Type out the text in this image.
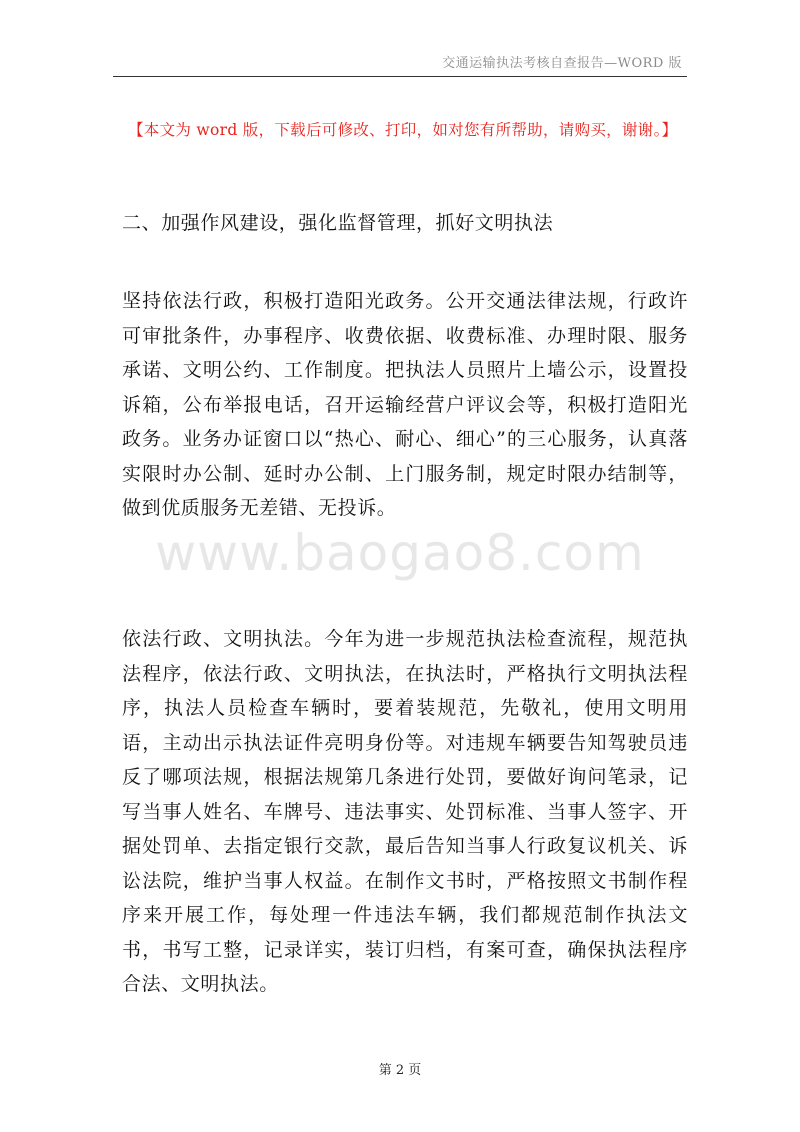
交通运输执法考核自查报告—WORD 版
【本文为 word 版，下载后可修改、打印，如对您有所帮助，请购买，谢谢。】

二、加强作风建设，强化监督管理，抓好文明执法

坚持依法行政，积极打造阳光政务。公开交通法律法规，行政许可审批条件，办事程序、收费依据、收费标准、办理时限、服务承诺、文明公约、工作制度。把执法人员照片上墙公示，设置投诉箱，公布举报电话，召开运输经营户评议会等，积极打造阳光政务。业务办证窗口以“热心、耐心、细心”的三心服务，认真落实限时办公制、延时办公制、上门服务制，规定时限办结制等，做到优质服务无差错、无投诉。

www.baogao8.com

依法行政、文明执法。今年为进一步规范执法检查流程，规范执法程序，依法行政、文明执法，在执法时，严格执行文明执法程序，执法人员检查车辆时，要着装规范，先敬礼，使用文明用语，主动出示执法证件亮明身份等。对违规车辆要告知驾驶员违反了哪项法规，根据法规第几条进行处罚，要做好询问笔录，记写当事人姓名、车牌号、违法事实、处罚标准、当事人签字、开据处罚单、去指定银行交款，最后告知当事人行政复议机关、诉讼法院，维护当事人权益。在制作文书时，严格按照文书制作程序来开展工作，每处理一件违法车辆，我们都规范制作执法文书，书写工整，记录详实，装订归档，有案可查，确保执法程序合法、文明执法。

第 2 页
